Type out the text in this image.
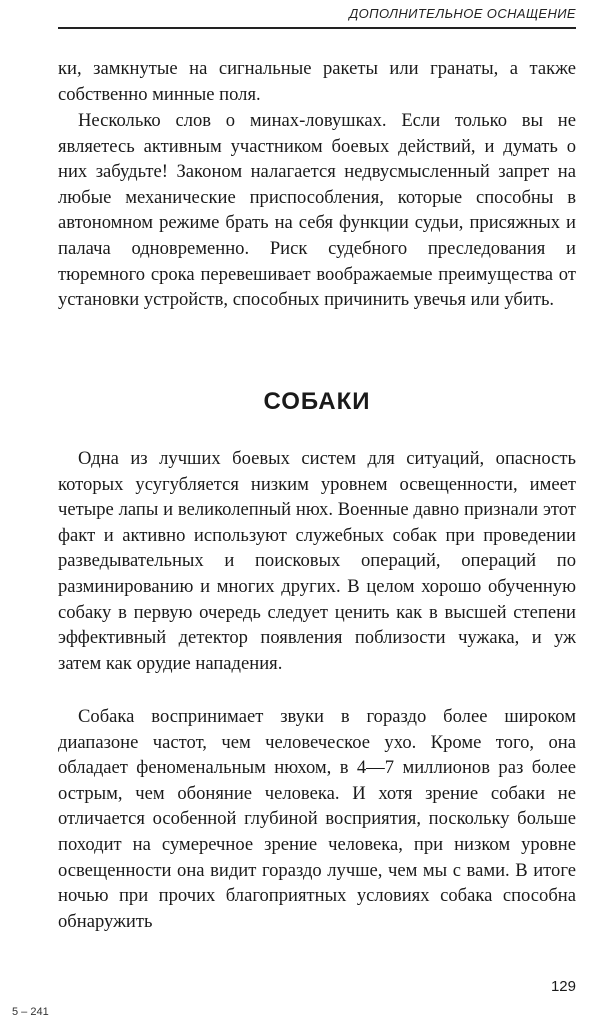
ДОПОЛНИТЕЛЬНОЕ ОСНАЩЕНИЕ

ки, замкнутые на сигнальные ракеты или гранаты, а также собственно минные поля.

Несколько слов о минах-ловушках. Если только вы не являетесь активным участником боевых действий, и думать о них забудьте! Законом налагается недвусмысленный запрет на любые механические приспособления, которые способны в автономном режиме брать на себя функции судьи, присяжных и палача одновременно. Риск судебного преследования и тюремного срока перевешивает воображаемые преимущества от установки устройств, способных причинить увечья или убить.

СОБАКИ

Одна из лучших боевых систем для ситуаций, опасность которых усугубляется низким уровнем освещенности, имеет четыре лапы и великолепный нюх. Военные давно признали этот факт и активно используют служебных собак при проведении разведывательных и поисковых операций, операций по разминированию и многих других. В целом хорошо обученную собаку в первую очередь следует ценить как в высшей степени эффективный детектор появления поблизости чужака, и уж затем как орудие нападения.

Собака воспринимает звуки в гораздо более широком диапазоне частот, чем человеческое ухо. Кроме того, она обладает феноменальным нюхом, в 4—7 миллионов раз более острым, чем обоняние человека. И хотя зрение собаки не отличается особенной глубиной восприятия, поскольку больше походит на сумеречное зрение человека, при низком уровне освещенности она видит гораздо лучше, чем мы с вами. В итоге ночью при прочих благоприятных условиях собака способна обнаружить

129
5 – 241
